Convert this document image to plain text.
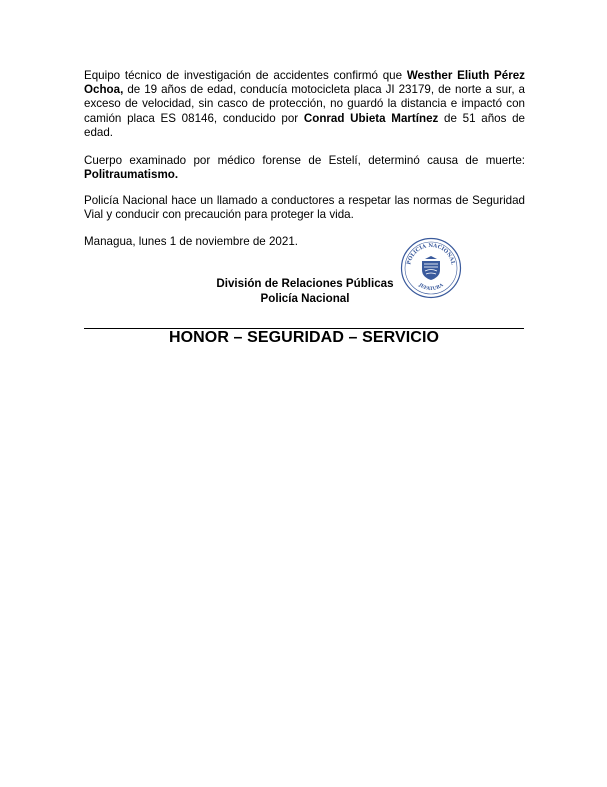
Equipo técnico de investigación de accidentes confirmó que Westher Eliuth Pérez Ochoa, de 19 años de edad, conducía motocicleta placa JI 23179, de norte a sur, a exceso de velocidad, sin casco de protección, no guardó la distancia e impactó con camión placa ES 08146, conducido por Conrad Ubieta Martínez de 51 años de edad.

Cuerpo examinado por médico forense de Estelí, determinó causa de muerte: Politraumatismo.

Policía Nacional hace un llamado a conductores a respetar las normas de Seguridad Vial y conducir con precaución para proteger la vida.

Managua, lunes 1 de noviembre de 2021.

División de Relaciones Públicas
Policía Nacional
POLICÍA NACIONAL
JEFATURA
HONOR – SEGURIDAD – SERVICIO
